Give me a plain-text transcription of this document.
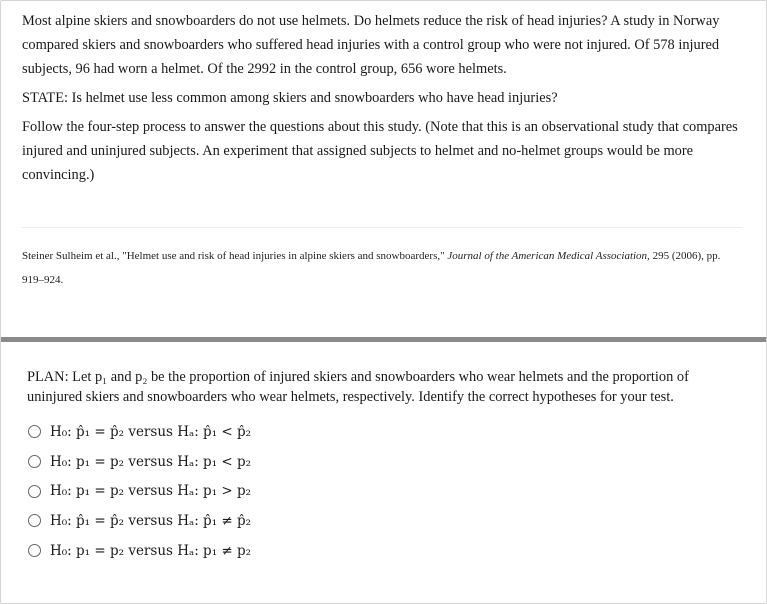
Most alpine skiers and snowboarders do not use helmets. Do helmets reduce the risk of head injuries? A study in Norway compared skiers and snowboarders who suffered head injuries with a control group who were not injured. Of 578 injured subjects, 96 had worn a helmet. Of the 2992 in the control group, 656 wore helmets.

STATE: Is helmet use less common among skiers and snowboarders who have head injuries?

Follow the four-step process to answer the questions about this study. (Note that this is an observational study that compares injured and uninjured subjects. An experiment that assigned subjects to helmet and no-helmet groups would be more convincing.)

Steiner Sulheim et al., "Helmet use and risk of head injuries in alpine skiers and snowboarders," Journal of the American Medical Association, 295 (2006), pp. 919–924.

PLAN: Let p₁ and p₂ be the proportion of injured skiers and snowboarders who wear helmets and the proportion of uninjured skiers and snowboarders who wear helmets, respectively. Identify the correct hypotheses for your test.

H₀: p̂₁ = p̂₂ versus Hₐ: p̂₁ < p̂₂
H₀: p₁ = p₂ versus Hₐ: p₁ < p₂
H₀: p₁ = p₂ versus Hₐ: p₁ > p₂
H₀: p̂₁ = p̂₂ versus Hₐ: p̂₁ ≠ p̂₂
H₀: p₁ = p₂ versus Hₐ: p₁ ≠ p₂
